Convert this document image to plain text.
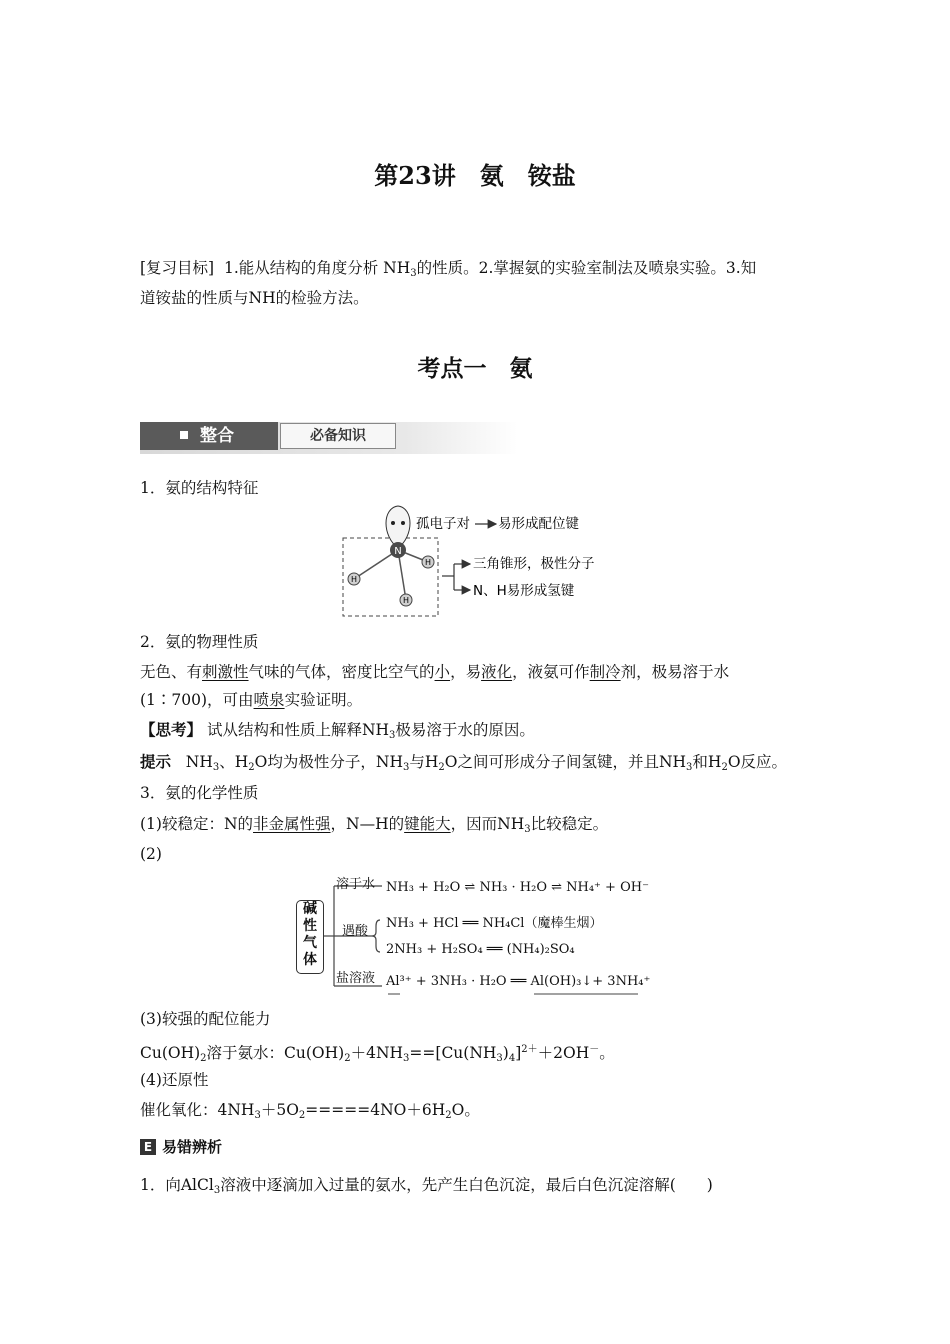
第23讲　氨　铵盐
[复习目标] 1.能从结构的角度分析 $NH_3$的性质。2.掌握氨的实验室制法及喷泉实验。3.知
道铵盐的性质与NH的检验方法。
考点一　氨
整合	必备知识
1．氨的结构特征
N
H
H
H
孤电子对 易形成配位键
三角锥形，极性分子
N、H易形成氢键
2．氨的物理性质
无色、有刺激性气味的气体，密度比空气的小，易液化，液氨可作制冷剂，极易溶于水
(1∶700)，可由喷泉实验证明。
【思考】 试从结构和性质上解释$NH_3$极易溶于水的原因。
提示 $NH_3$、$H_2O$均为极性分子，$NH_3$与$H_2O$之间可形成分子间氢键，并且$NH_3$和$H_2O$反应。
3．氨的化学性质
(1)较稳定：N的非金属性强，N—H的键能大，因而$NH_3$比较稳定。
(2)
碱
性
气
体
溶于水
遇酸
盐溶液
NH₃ + H₂O ⇌ NH₃ · H₂O ⇌ NH₄⁺ + OH⁻
NH₃ + HCl ══ NH₄Cl（魔棒生烟）
2NH₃ + H₂SO₄ ══ (NH₄)₂SO₄
Al³⁺ + 3NH₃ · H₂O ══ Al(OH)₃↓+ 3NH₄⁺
(3)较强的配位能力
$Cu(OH)_2$溶于氨水：$Cu(OH)_2+4NH_3==[Cu(NH_3)_4]^{2+}+2OH^-$。
(4)还原性
催化氧化：$4NH_3+5O_2=====4NO+6H_2O$。
E 易错辨析
1．向AlCl$_3$溶液中逐滴加入过量的氨水，先产生白色沉淀，最后白色沉淀溶解(　　)
